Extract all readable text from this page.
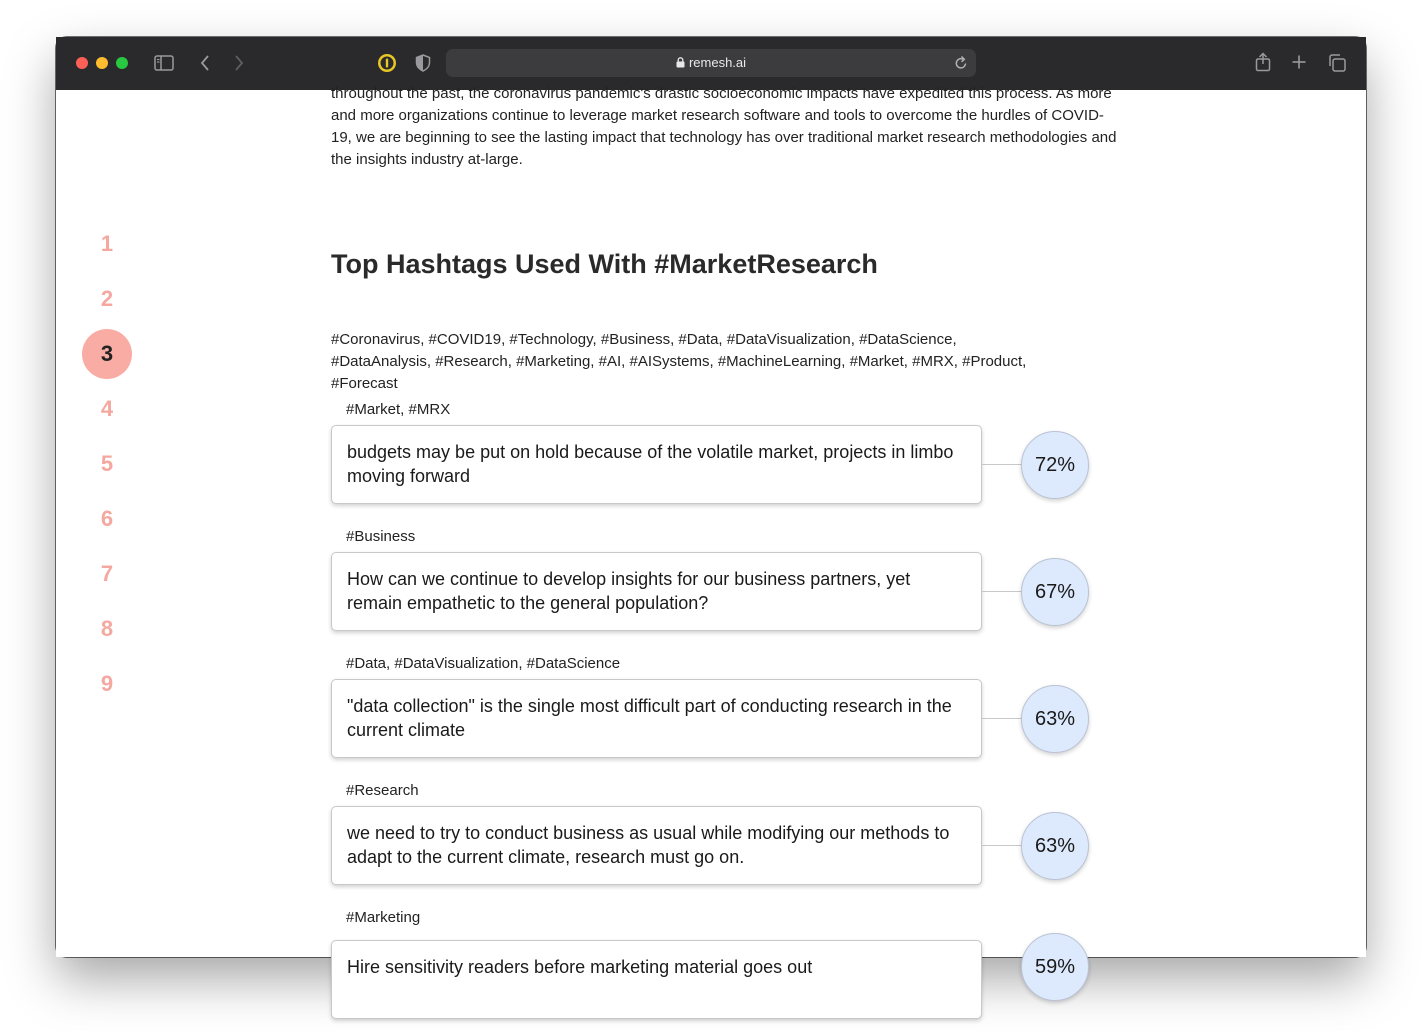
remesh.ai
1
2
3
4
5
6
7
8
9
throughout the past, the coronavirus pandemic's drastic socioeconomic impacts have expedited this process. As more and more organizations continue to leverage market research software and tools to overcome the hurdles of COVID-19, we are beginning to see the lasting impact that technology has over traditional market research methodologies and the insights industry at-large.
Top Hashtags Used With #MarketResearch
#Coronavirus, #COVID19, #Technology, #Business, #Data, #DataVisualization, #DataScience, #DataAnalysis, #Research, #Marketing, #AI, #AISystems, #MachineLearning, #Market, #MRX, #Product, #Forecast
#Market, #MRX
budgets may be put on hold because of the volatile market, projects in limbo moving forward	72%
#Business
How can we continue to develop insights for our business partners, yet remain empathetic to the general population?	67%
#Data, #DataVisualization, #DataScience
"data collection" is the single most difficult part of conducting research in the current climate	63%
#Research
we need to try to conduct business as usual while modifying our methods to adapt to the current climate, research must go on.	63%
#Marketing
Hire sensitivity readers before marketing material goes out	59%
